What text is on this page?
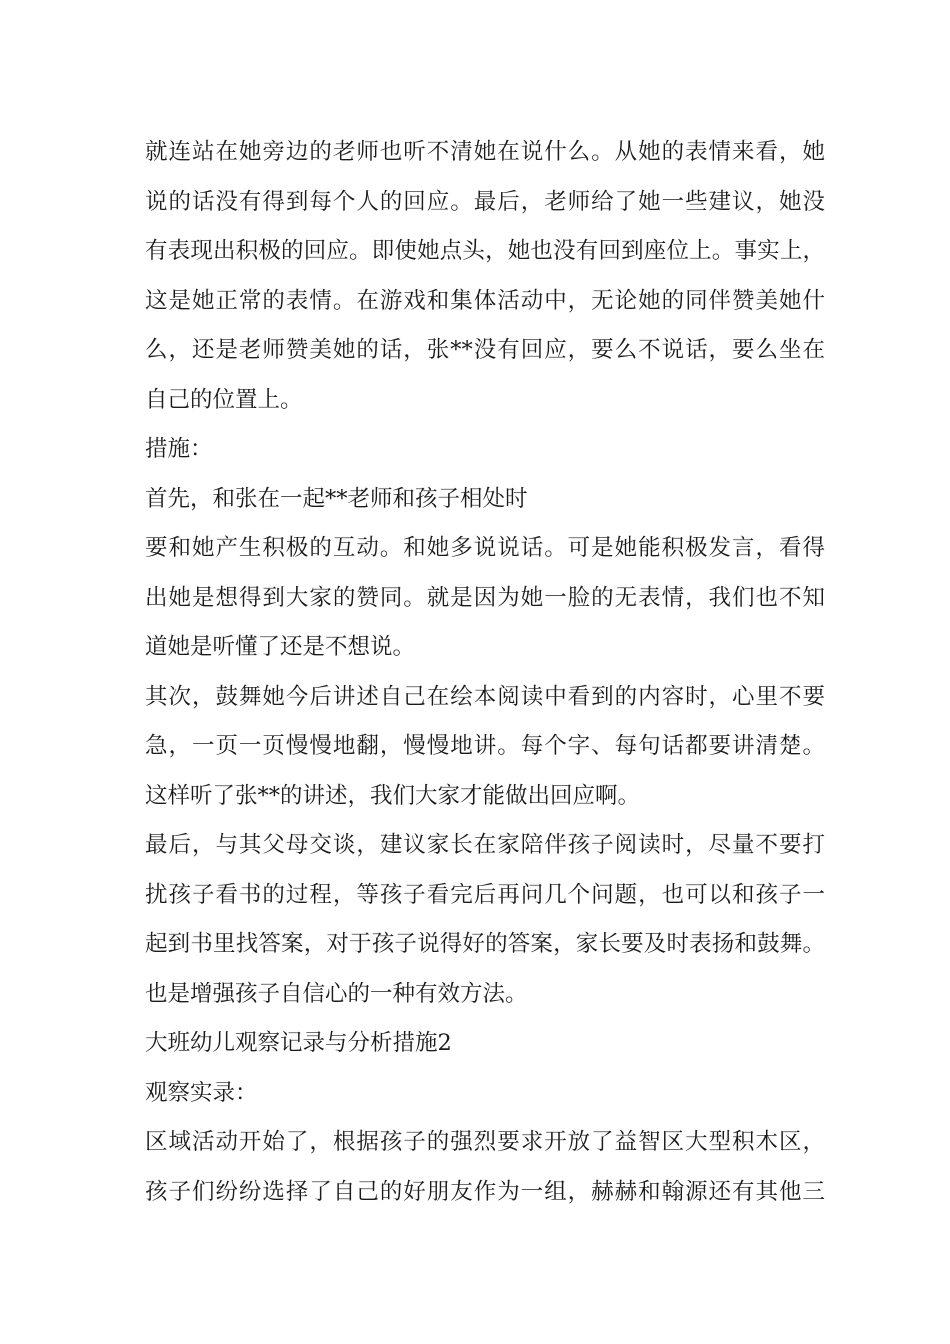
就连站在她旁边的老师也听不清她在说什么。从她的表情来看，她
说的话没有得到每个人的回应。最后，老师给了她一些建议，她没
有表现出积极的回应。即使她点头，她也没有回到座位上。事实上，
这是她正常的表情。在游戏和集体活动中，无论她的同伴赞美她什
么，还是老师赞美她的话，张**没有回应，要么不说话，要么坐在
自己的位置上。
措施：
首先，和张在一起**老师和孩子相处时
要和她产生积极的互动。和她多说说话。可是她能积极发言，看得
出她是想得到大家的赞同。就是因为她一脸的无表情，我们也不知
道她是听懂了还是不想说。
其次，鼓舞她今后讲述自己在绘本阅读中看到的内容时，心里不要
急，一页一页慢慢地翻，慢慢地讲。每个字、每句话都要讲清楚。
这样听了张**的讲述，我们大家才能做出回应啊。
最后，与其父母交谈，建议家长在家陪伴孩子阅读时，尽量不要打
扰孩子看书的过程，等孩子看完后再问几个问题，也可以和孩子一
起到书里找答案，对于孩子说得好的答案，家长要及时表扬和鼓舞。
也是增强孩子自信心的一种有效方法。
大班幼儿观察记录与分析措施2
观察实录：
区域活动开始了，根据孩子的强烈要求开放了益智区大型积木区，
孩子们纷纷选择了自己的好朋友作为一组，赫赫和翰源还有其他三
